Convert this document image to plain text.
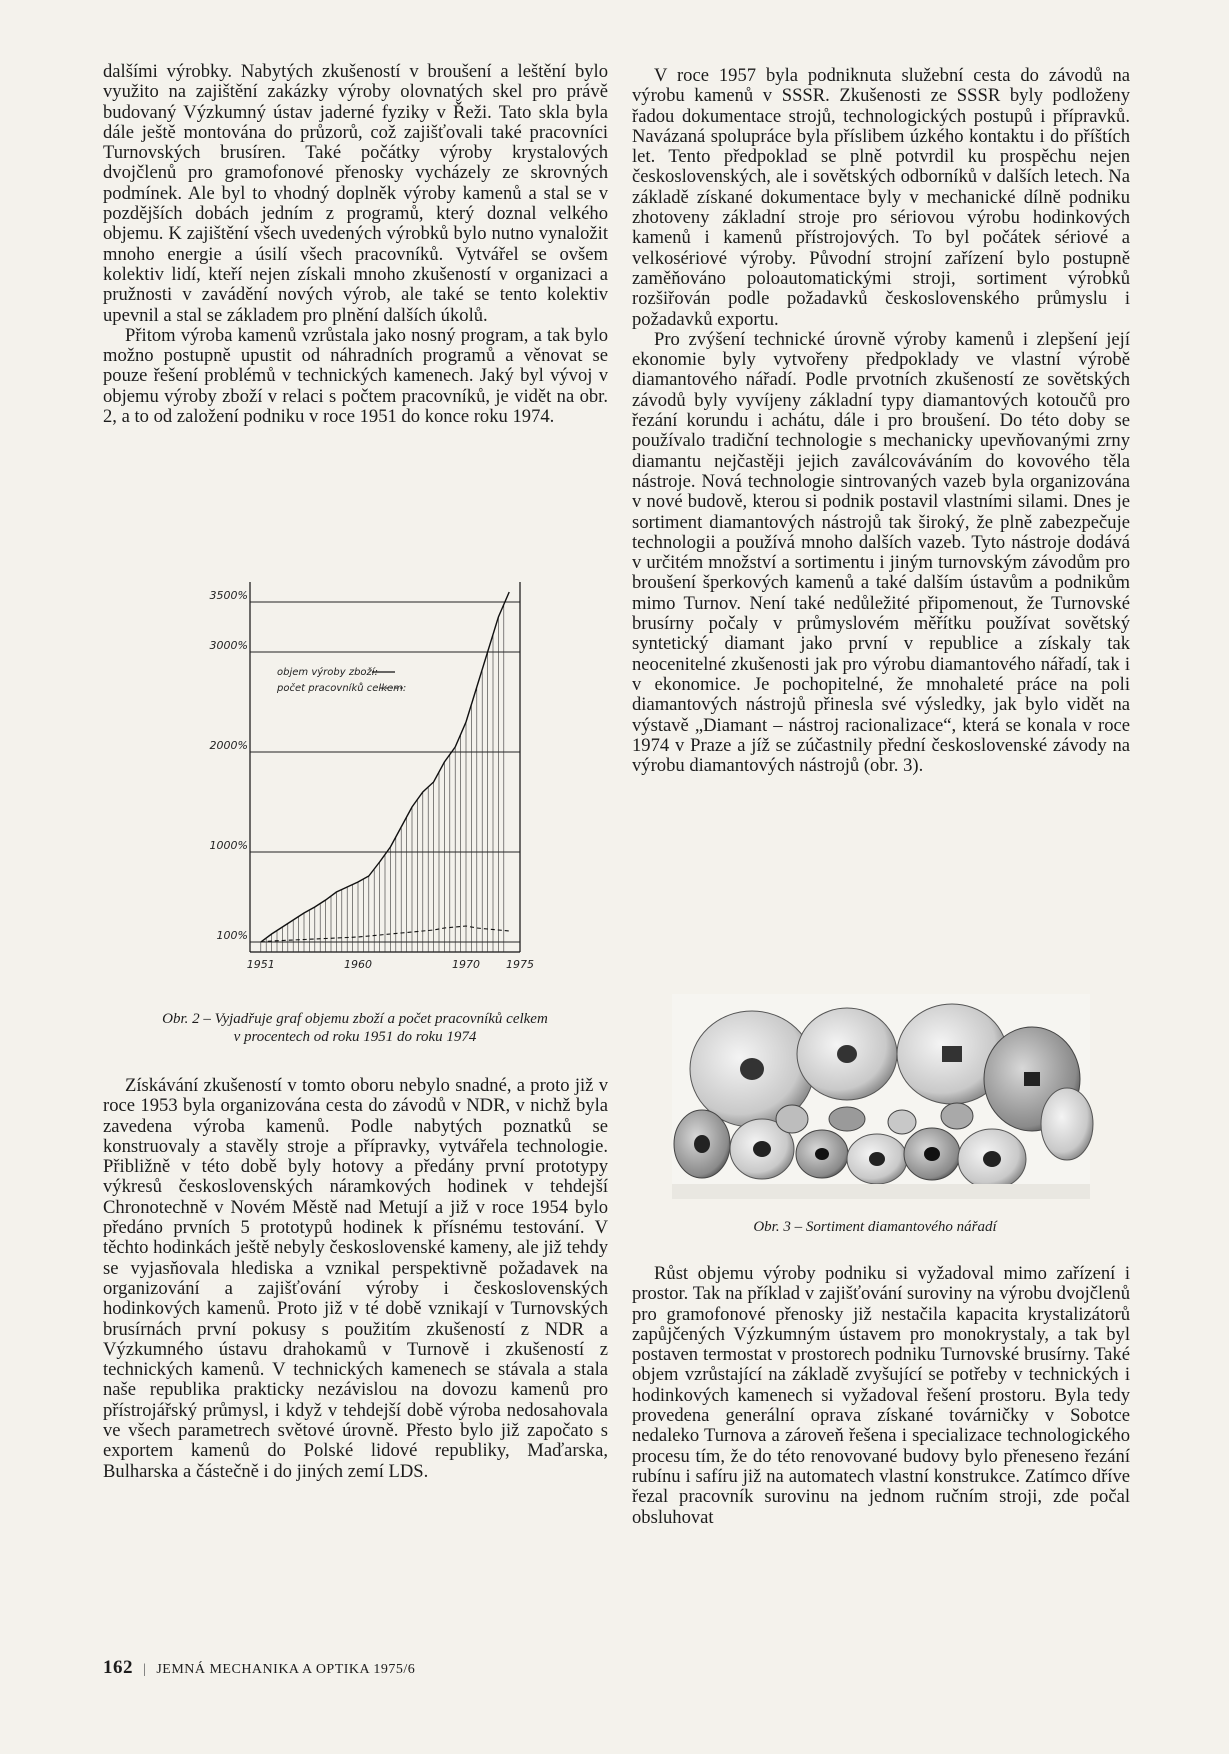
dalšími výrobky. Nabytých zkušeností v broušení a leštění bylo využito na zajištění zakázky výroby olovnatých skel pro právě budovaný Výzkumný ústav jaderné fyziky v Řeži. Tato skla byla dále ještě montována do průzorů, což zajišťovali také pracovníci Turnovských brusíren. Také počátky výroby krystalových dvojčlenů pro gramofonové přenosky vycházely ze skrovných podmínek. Ale byl to vhodný doplněk výroby kamenů a stal se v pozdějších dobách jedním z programů, který doznal velkého objemu. K zajištění všech uvedených výrobků bylo nutno vynaložit mnoho energie a úsilí všech pracovníků. Vytvářel se ovšem kolektiv lidí, kteří nejen získali mnoho zkušeností v organizaci a pružnosti v zavádění nových výrob, ale také se tento kolektiv upevnil a stal se základem pro plnění dalších úkolů.

Přitom výroba kamenů vzrůstala jako nosný program, a tak bylo možno postupně upustit od náhradních programů a věnovat se pouze řešení problémů v technických kamenech. Jaký byl vývoj v objemu výroby zboží v relaci s počtem pracovníků, je vidět na obr. 2, a to od založení podniku v roce 1951 do konce roku 1974.

3500%
3000%
2000%
1000%
100%
1951	1960	1970 1975
objem výroby zboží:
počet pracovníků celkem:
Obr. 2 – Vyjadřuje graf objemu zboží a počet pracovníků celkem
v procentech od roku 1951 do roku 1974

Získávání zkušeností v tomto oboru nebylo snadné, a proto již v roce 1953 byla organizována cesta do závodů v NDR, v nichž byla zavedena výroba kamenů. Podle nabytých poznatků se konstruovaly a stavěly stroje a přípravky, vytvářela technologie. Přibližně v této době byly hotovy a předány první prototypy výkresů československých náramkových hodinek v tehdejší Chronotechně v Novém Městě nad Metují a již v roce 1954 bylo předáno prvních 5 prototypů hodinek k přísnému testování. V těchto hodinkách ještě nebyly československé kameny, ale již tehdy se vyjasňovala hlediska a vznikal perspektivně požadavek na organizování a zajišťování výroby i československých hodinkových kamenů. Proto již v té době vznikají v Turnovských brusírnách první pokusy s použitím zkušeností z NDR a Výzkumného ústavu drahokamů v Turnově i zkušeností z technických kamenů. V technických kamenech se stávala a stala naše republika prakticky nezávislou na dovozu kamenů pro přístrojářský průmysl, i když v tehdejší době výroba nedosahovala ve všech parametrech světové úrovně. Přesto bylo již započato s exportem kamenů do Polské lidové republiky, Maďarska, Bulharska a částečně i do jiných zemí LDS.

V roce 1957 byla podniknuta služební cesta do závodů na výrobu kamenů v SSSR. Zkušenosti ze SSSR byly podloženy řadou dokumentace strojů, technologických postupů i přípravků. Navázaná spolupráce byla příslibem úzkého kontaktu i do příštích let. Tento předpoklad se plně potvrdil ku prospěchu nejen československých, ale i sovětských odborníků v dalších letech. Na základě získané dokumentace byly v mechanické dílně podniku zhotoveny základní stroje pro sériovou výrobu hodinkových kamenů i kamenů přístrojových. To byl počátek sériové a velkosériové výroby. Původní strojní zařízení bylo postupně zaměňováno poloautomatickými stroji, sortiment výrobků rozšiřován podle požadavků československého průmyslu i požadavků exportu.

Pro zvýšení technické úrovně výroby kamenů i zlepšení její ekonomie byly vytvořeny předpoklady ve vlastní výrobě diamantového nářadí. Podle prvotních zkušeností ze sovětských závodů byly vyvíjeny základní typy diamantových kotoučů pro řezání korundu i achátu, dále i pro broušení. Do této doby se používalo tradiční technologie s mechanicky upevňovanými zrny diamantu nejčastěji jejich zaválcováváním do kovového těla nástroje. Nová technologie sintrovaných vazeb byla organizována v nové budově, kterou si podnik postavil vlastními silami. Dnes je sortiment diamantových nástrojů tak široký, že plně zabezpečuje technologii a používá mnoho dalších vazeb. Tyto nástroje dodává v určitém množství a sortimentu i jiným turnovským závodům pro broušení šperkových kamenů a také dalším ústavům a podnikům mimo Turnov. Není také nedůležité připomenout, že Turnovské brusírny počaly v průmyslovém měřítku používat sovětský syntetický diamant jako první v republice a získaly tak neocenitelné zkušenosti jak pro výrobu diamantového nářadí, tak i v ekonomice. Je pochopitelné, že mnohaleté práce na poli diamantových nástrojů přinesla své výsledky, jak bylo vidět na výstavě „Diamant – nástroj racionalizace“, která se konala v roce 1974 v Praze a jíž se zúčastnily přední československé závody na výrobu diamantových nástrojů (obr. 3).

Obr. 3 – Sortiment diamantového nářadí

Růst objemu výroby podniku si vyžadoval mimo zařízení i prostor. Tak na příklad v zajišťování suroviny na výrobu dvojčlenů pro gramofonové přenosky již nestačila kapacita krystalizátorů zapůjčených Výzkumným ústavem pro monokrystaly, a tak byl postaven termostat v prostorech podniku Turnovské brusírny. Také objem vzrůstající na základě zvyšující se potřeby v technických i hodinkových kamenech si vyžadoval řešení prostoru. Byla tedy provedena generální oprava získané továrničky v Sobotce nedaleko Turnova a zároveň řešena i specializace technologického procesu tím, že do této renovované budovy bylo přeneseno řezání rubínu i safíru již na automatech vlastní konstrukce. Zatímco dříve řezal pracovník surovinu na jednom ručním stroji, zde počal obsluhovat

162 | JEMNÁ MECHANIKA A OPTIKA 1975/6
